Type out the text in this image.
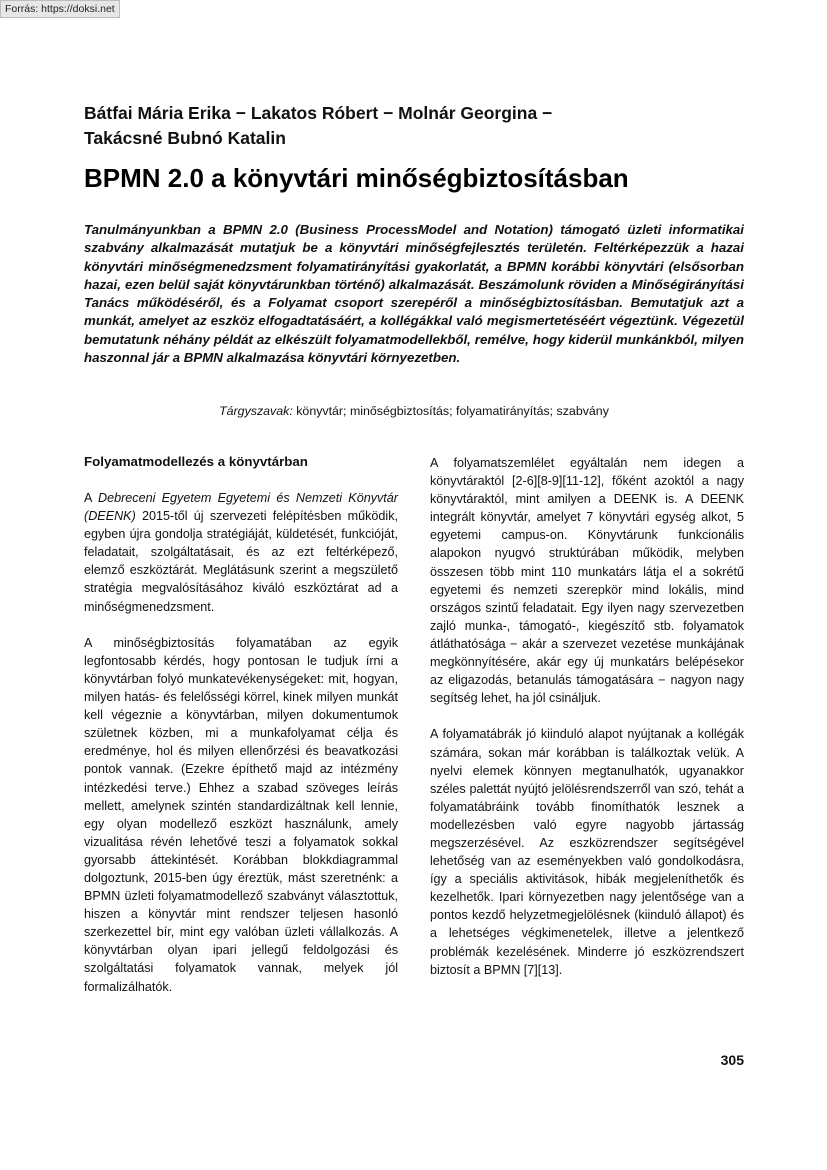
Forrás: https://doksi.net
Bátfai Mária Erika − Lakatos Róbert − Molnár Georgina −
Takácsné Bubnó Katalin
BPMN 2.0 a könyvtári minőségbiztosításban

Tanulmányunkban a BPMN 2.0 (Business ProcessModel and Notation) támogató üzleti informatikai szabvány alkalmazását mutatjuk be a könyvtári minőségfejlesztés területén. Feltérképezzük a hazai könyvtári minőségmenedzsment folyamatirányítási gyakorlatát, a BPMN korábbi könyvtári (elsősorban hazai, ezen belül saját könyvtárunkban történő) alkalmazását. Beszámolunk röviden a Minőségirányítási Tanács működéséről, és a Folyamat csoport szerepéről a minőségbiztosításban. Bemutatjuk azt a munkát, amelyet az eszköz elfogadtatásáért, a kollégákkal való megismertetéséért végeztünk. Végezetül bemutatunk néhány példát az elkészült folyamatmodellekből, remélve, hogy kiderül munkánkból, milyen haszonnal jár a BPMN alkalmazása könyvtári környezetben.

Tárgyszavak: könyvtár; minőségbiztosítás; folyamatirányítás; szabvány
Folyamatmodellezés a könyvtárban

A Debreceni Egyetem Egyetemi és Nemzeti Könyvtár (DEENK) 2015-től új szervezeti felépítésben működik, egyben újra gondolja stratégiáját, küldetését, funkcióját, feladatait, szolgáltatásait, és az ezt feltérképező, elemző eszköztárát. Meglátásunk szerint a megszülető stratégia megvalósításához kiváló eszköztárat ad a minőségmenedzsment.

A minőségbiztosítás folyamatában az egyik legfontosabb kérdés, hogy pontosan le tudjuk írni a könyvtárban folyó munkatevékenységeket: mit, hogyan, milyen hatás- és felelősségi körrel, kinek milyen munkát kell végeznie a könyvtárban, milyen dokumentumok születnek közben, mi a munkafolyamat célja és eredménye, hol és milyen ellenőrzési és beavatkozási pontok vannak. (Ezekre építhető majd az intézmény intézkedési terve.) Ehhez a szabad szöveges leírás mellett, amelynek szintén standardizáltnak kell lennie, egy olyan modellező eszközt használunk, amely vizualitása révén lehetővé teszi a folyamatok sokkal gyorsabb áttekintését. Korábban blokkdiagrammal dolgoztunk, 2015-ben úgy éreztük, mást szeretnénk: a BPMN üzleti folyamatmodellező szabványt választottuk, hiszen a könyvtár mint rendszer teljesen hasonló szerkezettel bír, mint egy valóban üzleti vállalkozás. A könyvtárban olyan ipari jellegű feldolgozási és szolgáltatási folyamatok vannak, melyek jól formalizálhatók.

A folyamatszemlélet egyáltalán nem idegen a könyvtáraktól [2-6][8-9][11-12], főként azoktól a nagy könyvtáraktól, mint amilyen a DEENK is. A DEENK integrált könyvtár, amelyet 7 könyvtári egység alkot, 5 egyetemi campus-on. Könyvtárunk funkcionális alapokon nyugvó struktúrában működik, melyben összesen több mint 110 munkatárs látja el a sokrétű egyetemi és nemzeti szerepkör mind lokális, mind országos szintű feladatait. Egy ilyen nagy szervezetben zajló munka-, támogató-, kiegészítő stb. folyamatok átláthatósága − akár a szervezet vezetése munkájának megkönnyítésére, akár egy új munkatárs belépésekor az eligazodás, betanulás támogatására − nagyon nagy segítség lehet, ha jól csináljuk.

A folyamatábrák jó kiinduló alapot nyújtanak a kollégák számára, sokan már korábban is találkoztak velük. A nyelvi elemek könnyen megtanulhatók, ugyanakkor széles palettát nyújtó jelölésrendszerről van szó, tehát a folyamatábráink tovább finomíthatók lesznek a modellezésben való egyre nagyobb jártasság megszerzésével. Az eszközrendszer segítségével lehetőség van az eseményekben való gondolkodásra, így a speciális aktivitások, hibák megjeleníthetők és kezelhetők. Ipari környezetben nagy jelentősége van a pontos kezdő helyzetmegjelölésnek (kiinduló állapot) és a lehetséges végkimenetelek, illetve a jelentkező problémák kezelésének. Minderre jó eszközrendszert biztosít a BPMN [7][13].

305
